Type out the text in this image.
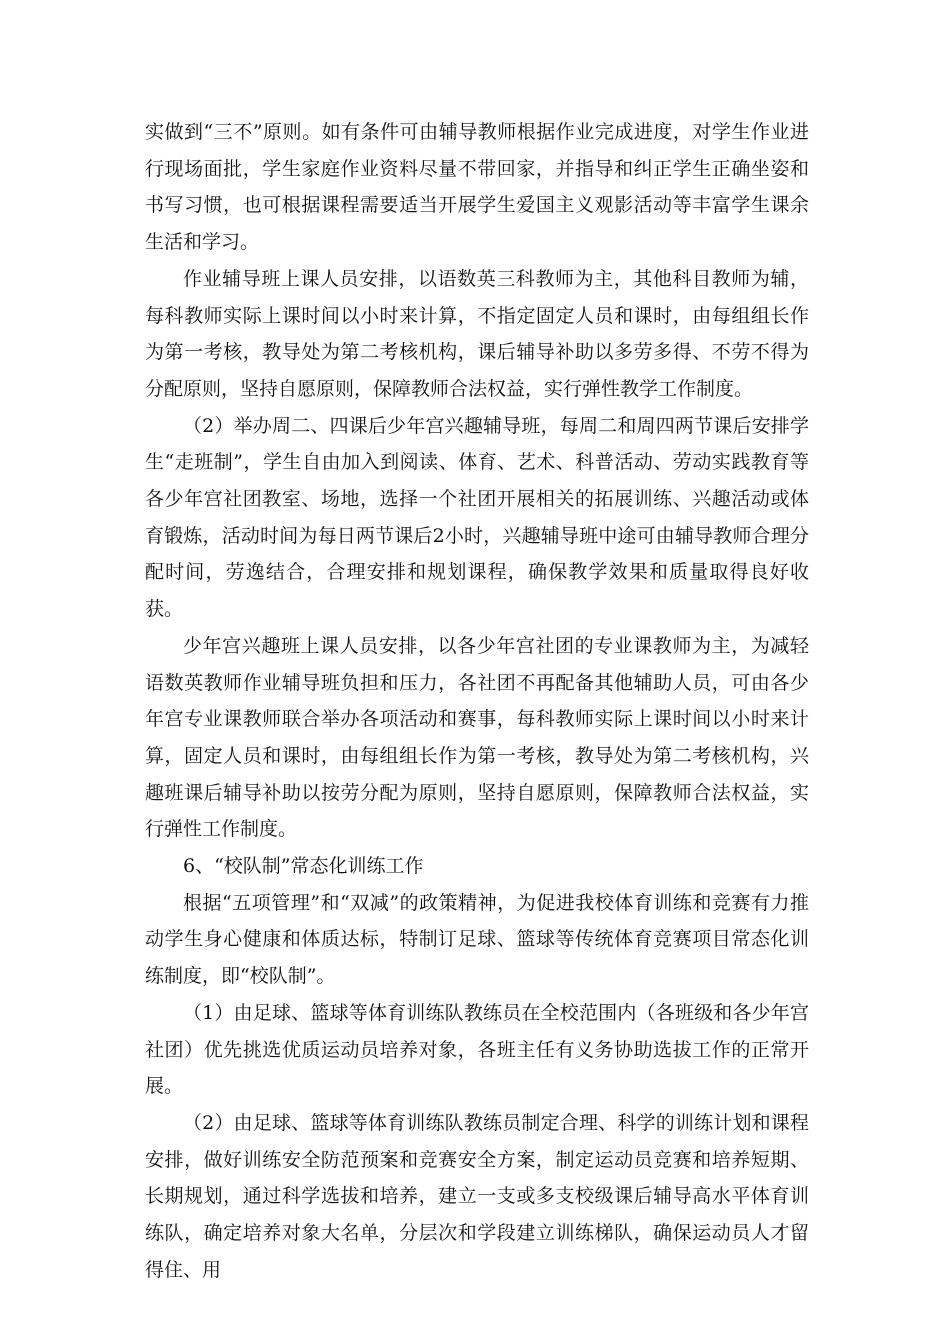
实做到“三不”原则。如有条件可由辅导教师根据作业完成进度，对学生作业进行现场面批，学生家庭作业资料尽量不带回家，并指导和纠正学生正确坐姿和书写习惯，也可根据课程需要适当开展学生爱国主义观影活动等丰富学生课余生活和学习。

作业辅导班上课人员安排，以语数英三科教师为主，其他科目教师为辅，每科教师实际上课时间以小时来计算，不指定固定人员和课时，由每组组长作为第一考核，教导处为第二考核机构，课后辅导补助以多劳多得、不劳不得为分配原则，坚持自愿原则，保障教师合法权益，实行弹性教学工作制度。

（2）举办周二、四课后少年宫兴趣辅导班，每周二和周四两节课后安排学生“走班制”，学生自由加入到阅读、体育、艺术、科普活动、劳动实践教育等各少年宫社团教室、场地，选择一个社团开展相关的拓展训练、兴趣活动或体育锻炼，活动时间为每日两节课后2小时，兴趣辅导班中途可由辅导教师合理分配时间，劳逸结合，合理安排和规划课程，确保教学效果和质量取得良好收获。

少年宫兴趣班上课人员安排，以各少年宫社团的专业课教师为主，为减轻语数英教师作业辅导班负担和压力，各社团不再配备其他辅助人员，可由各少年宫专业课教师联合举办各项活动和赛事，每科教师实际上课时间以小时来计算，固定人员和课时，由每组组长作为第一考核，教导处为第二考核机构，兴趣班课后辅导补助以按劳分配为原则，坚持自愿原则，保障教师合法权益，实行弹性工作制度。

6、“校队制”常态化训练工作

根据“五项管理”和“双减”的政策精神，为促进我校体育训练和竞赛有力推动学生身心健康和体质达标，特制订足球、篮球等传统体育竞赛项目常态化训练制度，即“校队制”。

（1）由足球、篮球等体育训练队教练员在全校范围内（各班级和各少年宫社团）优先挑选优质运动员培养对象，各班主任有义务协助选拔工作的正常开展。

（2）由足球、篮球等体育训练队教练员制定合理、科学的训练计划和课程安排，做好训练安全防范预案和竞赛安全方案，制定运动员竞赛和培养短期、长期规划，通过科学选拔和培养，建立一支或多支校级课后辅导高水平体育训练队，确定培养对象大名单，分层次和学段建立训练梯队，确保运动员人才留得住、用
